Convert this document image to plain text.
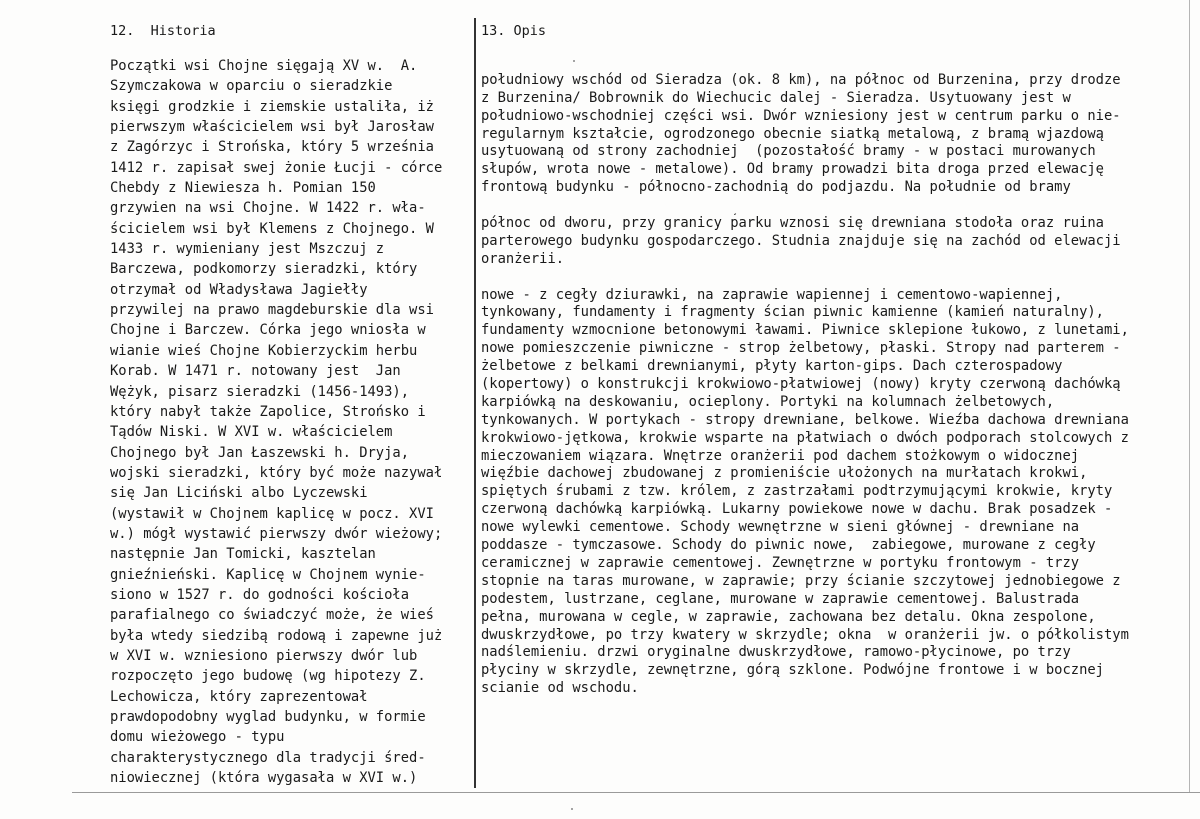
12.  Historia
Początki wsi Chojne sięgają XV w.  A.
Szymczakowa w oparciu o sieradzkie
księgi grodzkie i ziemskie ustaliła, iż
pierwszym właścicielem wsi był Jarosław
z Zagórzyc i Strońska, który 5 września
1412 r. zapisał swej żonie Łucji - córce
Chebdy z Niewiesza h. Pomian 150
grzywien na wsi Chojne. W 1422 r. wła-
ścicielem wsi był Klemens z Chojnego. W
1433 r. wymieniany jest Mszczuj z
Barczewa, podkomorzy sieradzki, który
otrzymał od Władysława Jagiełły
przywilej na prawo magdeburskie dla wsi
Chojne i Barczew. Córka jego wniosła w
wianie wieś Chojne Kobierzyckim herbu
Korab. W 1471 r. notowany jest  Jan
Wężyk, pisarz sieradzki (1456-1493),
który nabył także Zapolice, Strońsko i
Tądów Niski. W XVI w. właścicielem
Chojnego był Jan Łaszewski h. Dryja,
wojski sieradzki, który być może nazywał
się Jan Liciński albo Lyczewski
(wystawił w Chojnem kaplicę w pocz. XVI
w.) mógł wystawić pierwszy dwór wieżowy;
następnie Jan Tomicki, kasztelan
gnieźnieński. Kaplicę w Chojnem wynie-
siono w 1527 r. do godności kościoła
parafialnego co świadczyć może, że wieś
była wtedy siedzibą rodową i zapewne już
w XVI w. wzniesiono pierwszy dwór lub
rozpoczęto jego budowę (wg hipotezy Z.
Lechowicza, który zaprezentował
prawdopodobny wyglad budynku, w formie
domu wieżowego - typu
charakterystycznego dla tradycji śred-
niowiecznej (która wygasała w XVI w.)
13. Opis

południowy wschód od Sieradza (ok. 8 km), na północ od Burzenina, przy drodze
z Burzenina/ Bobrownik do Wiechucic dalej - Sieradza. Usytuowany jest w
południowo-wschodniej części wsi. Dwór wzniesiony jest w centrum parku o nie-
regularnym kształcie, ogrodzonego obecnie siatką metalową, z bramą wjazdową
usytuowaną od strony zachodniej  (pozostałość bramy - w postaci murowanych
słupów, wrota nowe - metalowe). Od bramy prowadzi bita droga przed elewację
frontową budynku - północno-zachodnią do podjazdu. Na południe od bramy

północ od dworu, przy granicy parku wznosi się drewniana stodoła oraz ruina
parterowego budynku gospodarczego. Studnia znajduje się na zachód od elewacji
oranżerii.

nowe - z cegły dziurawki, na zaprawie wapiennej i cementowo-wapiennej,
tynkowany, fundamenty i fragmenty ścian piwnic kamienne (kamień naturalny),
fundamenty wzmocnione betonowymi ławami. Piwnice sklepione łukowo, z lunetami,
nowe pomieszczenie piwniczne - strop żelbetowy, płaski. Stropy nad parterem -
żelbetowe z belkami drewnianymi, płyty karton-gips. Dach czterospadowy
(kopertowy) o konstrukcji krokwiowo-płatwiowej (nowy) kryty czerwoną dachówką
karpiówką na deskowaniu, ocieplony. Portyki na kolumnach żelbetowych,
tynkowanych. W portykach - stropy drewniane, belkowe. Wieźba dachowa drewniana
krokwiowo-jętkowa, krokwie wsparte na płatwiach o dwóch podporach stolcowych z
mieczowaniem wiązara. Wnętrze oranżerii pod dachem stożkowym o widocznej
więźbie dachowej zbudowanej z promieniście ułożonych na murłatach krokwi,
spiętych śrubami z tzw. królem, z zastrzałami podtrzymującymi krokwie, kryty
czerwoną dachówką karpiówką. Lukarny powiekowe nowe w dachu. Brak posadzek -
nowe wylewki cementowe. Schody wewnętrzne w sieni głównej - drewniane na
poddasze - tymczasowe. Schody do piwnic nowe,  zabiegowe, murowane z cegły
ceramicznej w zaprawie cementowej. Zewnętrzne w portyku frontowym - trzy
stopnie na taras murowane, w zaprawie; przy ścianie szczytowej jednobiegowe z
podestem, lustrzane, ceglane, murowane w zaprawie cementowej. Balustrada
pełna, murowana w cegle, w zaprawie, zachowana bez detalu. Okna zespolone,
dwuskrzydłowe, po trzy kwatery w skrzydle; okna  w oranżerii jw. o półkolistym
nadślemieniu. drzwi oryginalne dwuskrzydłowe, ramowo-płycinowe, po trzy
płyciny w skrzydle, zewnętrzne, górą szklone. Podwójne frontowe i w bocznej
scianie od wschodu.
